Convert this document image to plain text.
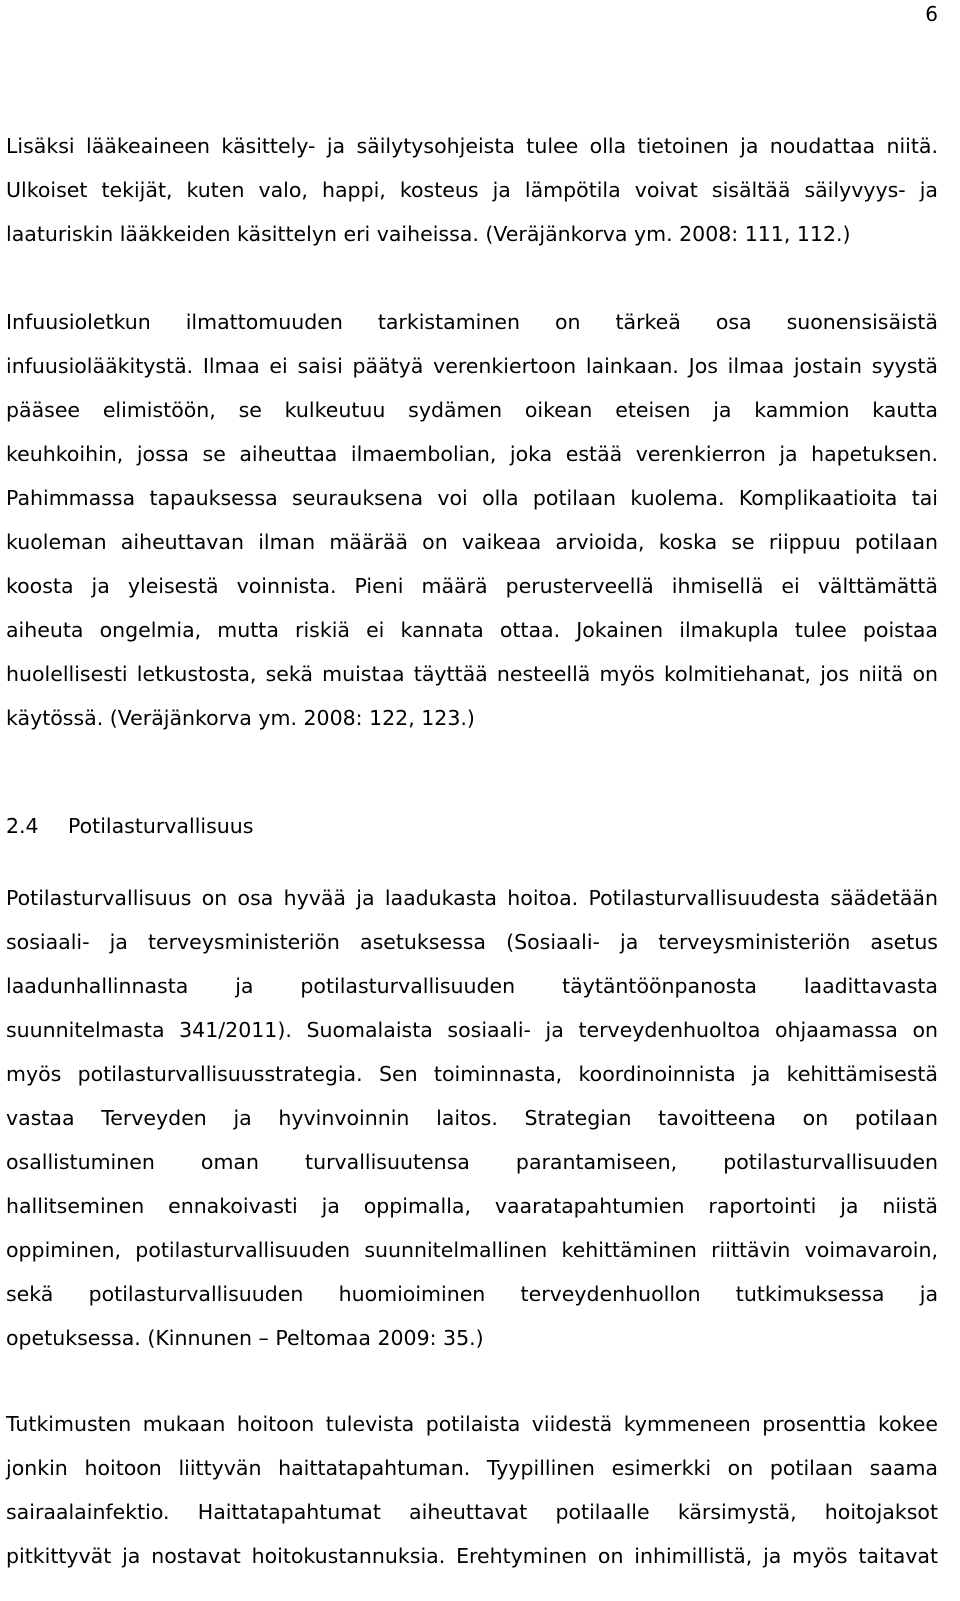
6
Lisäksi lääkeaineen käsittely- ja säilytysohjeista tulee olla tietoinen ja noudattaa niitä.
Ulkoiset tekijät, kuten valo, happi, kosteus ja lämpötila voivat sisältää säilyvyys- ja
laaturiskin lääkkeiden käsittelyn eri vaiheissa. (Veräjänkorva ym. 2008: 111, 112.)
Infuusioletkun ilmattomuuden tarkistaminen on tärkeä osa suonensisäistä
infuusiolääkitystä. Ilmaa ei saisi päätyä verenkiertoon lainkaan. Jos ilmaa jostain syystä
pääsee elimistöön, se kulkeutuu sydämen oikean eteisen ja kammion kautta
keuhkoihin, jossa se aiheuttaa ilmaembolian, joka estää verenkierron ja hapetuksen.
Pahimmassa tapauksessa seurauksena voi olla potilaan kuolema. Komplikaatioita tai
kuoleman aiheuttavan ilman määrää on vaikeaa arvioida, koska se riippuu potilaan
koosta ja yleisestä voinnista. Pieni määrä perusterveellä ihmisellä ei välttämättä
aiheuta ongelmia, mutta riskiä ei kannata ottaa. Jokainen ilmakupla tulee poistaa
huolellisesti letkustosta, sekä muistaa täyttää nesteellä myös kolmitiehanat, jos niitä on
käytössä. (Veräjänkorva ym. 2008: 122, 123.)
2.4 Potilasturvallisuus
Potilasturvallisuus on osa hyvää ja laadukasta hoitoa. Potilasturvallisuudesta säädetään
sosiaali- ja terveysministeriön asetuksessa (Sosiaali- ja terveysministeriön asetus
laadunhallinnasta ja potilasturvallisuuden täytäntöönpanosta laadittavasta
suunnitelmasta 341/2011). Suomalaista sosiaali- ja terveydenhuoltoa ohjaamassa on
myös potilasturvallisuusstrategia. Sen toiminnasta, koordinoinnista ja kehittämisestä
vastaa Terveyden ja hyvinvoinnin laitos. Strategian tavoitteena on potilaan
osallistuminen oman turvallisuutensa parantamiseen, potilasturvallisuuden
hallitseminen ennakoivasti ja oppimalla, vaaratapahtumien raportointi ja niistä
oppiminen, potilasturvallisuuden suunnitelmallinen kehittäminen riittävin voimavaroin,
sekä potilasturvallisuuden huomioiminen terveydenhuollon tutkimuksessa ja
opetuksessa. (Kinnunen – Peltomaa 2009: 35.)
Tutkimusten mukaan hoitoon tulevista potilaista viidestä kymmeneen prosenttia kokee
jonkin hoitoon liittyvän haittatapahtuman. Tyypillinen esimerkki on potilaan saama
sairaalainfektio. Haittatapahtumat aiheuttavat potilaalle kärsimystä, hoitojaksot
pitkittyvät ja nostavat hoitokustannuksia. Erehtyminen on inhimillistä, ja myös taitavat
